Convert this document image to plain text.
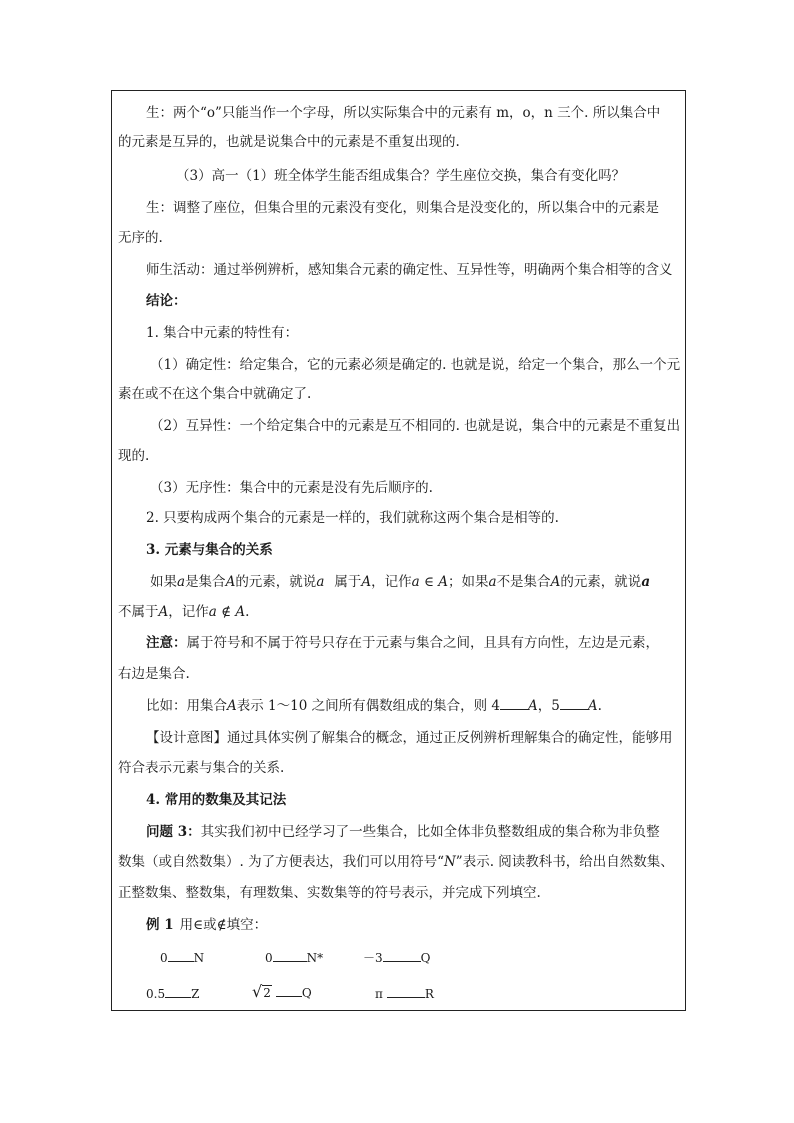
生：两个“o”只能当作一个字母，所以实际集合中的元素有 m，o，n 三个. 所以集合中
的元素是互异的，也就是说集合中的元素是不重复出现的.
（3）高一（1）班全体学生能否组成集合？学生座位交换，集合有变化吗？
生：调整了座位，但集合里的元素没有变化，则集合是没变化的，所以集合中的元素是
无序的.
师生活动：通过举例辨析，感知集合元素的确定性、互异性等，明确两个集合相等的含义
结论：
1. 集合中元素的特性有：
（1）确定性：给定集合，它的元素必须是确定的. 也就是说，给定一个集合，那么一个元
素在或不在这个集合中就确定了.
（2）互异性：一个给定集合中的元素是互不相同的. 也就是说，集合中的元素是不重复出
现的.
（3）无序性：集合中的元素是没有先后顺序的.
2. 只要构成两个集合的元素是一样的，我们就称这两个集合是相等的.
3. 元素与集合的关系
如果a是集合A的元素，就说a 属于A，记作a ∈ A；如果a不是集合A的元素，就说a
不属于A，记作a ∉ A.
注意：属于符号和不属于符号只存在于元素与集合之间，且具有方向性，左边是元素，
右边是集合.
比如：用集合A表示 1～10 之间所有偶数组成的集合，则 4 A，5 A.
【设计意图】通过具体实例了解集合的概念，通过正反例辨析理解集合的确定性，能够用
符合表示元素与集合的关系.
4. 常用的数集及其记法
问题 3：其实我们初中已经学习了一些集合，比如全体非负整数组成的集合称为非负整
数集（或自然数集）. 为了方便表达，我们可以用符号“N”表示. 阅读教科书，给出自然数集、
正整数集、整数集，有理数集、实数集等的符号表示，并完成下列填空.
例 1 用∈或∉填空：
0 N	0	N*	－3	Q
0.5 Z	√2	Q	π	R
